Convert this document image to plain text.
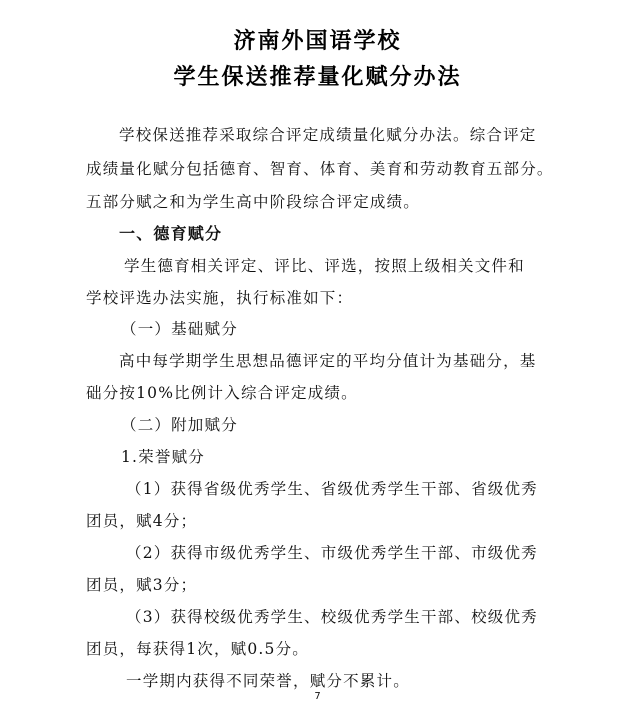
济南外国语学校
学生保送推荐量化赋分办法
学校保送推荐采取综合评定成绩量化赋分办法。综合评定
成绩量化赋分包括德育、智育、体育、美育和劳动教育五部分。
五部分赋之和为学生高中阶段综合评定成绩。
一、德育赋分
学生德育相关评定、评比、评选，按照上级相关文件和
学校评选办法实施，执行标准如下：
（一）基础赋分
高中每学期学生思想品德评定的平均分值计为基础分，基
础分按10%比例计入综合评定成绩。
（二）附加赋分
1.荣誉赋分
（1）获得省级优秀学生、省级优秀学生干部、省级优秀
团员，赋4分；
（2）获得市级优秀学生、市级优秀学生干部、市级优秀
团员，赋3分；
（3）获得校级优秀学生、校级优秀学生干部、校级优秀
团员，每获得1次，赋0.5分。
一学期内获得不同荣誉，赋分不累计。
7
